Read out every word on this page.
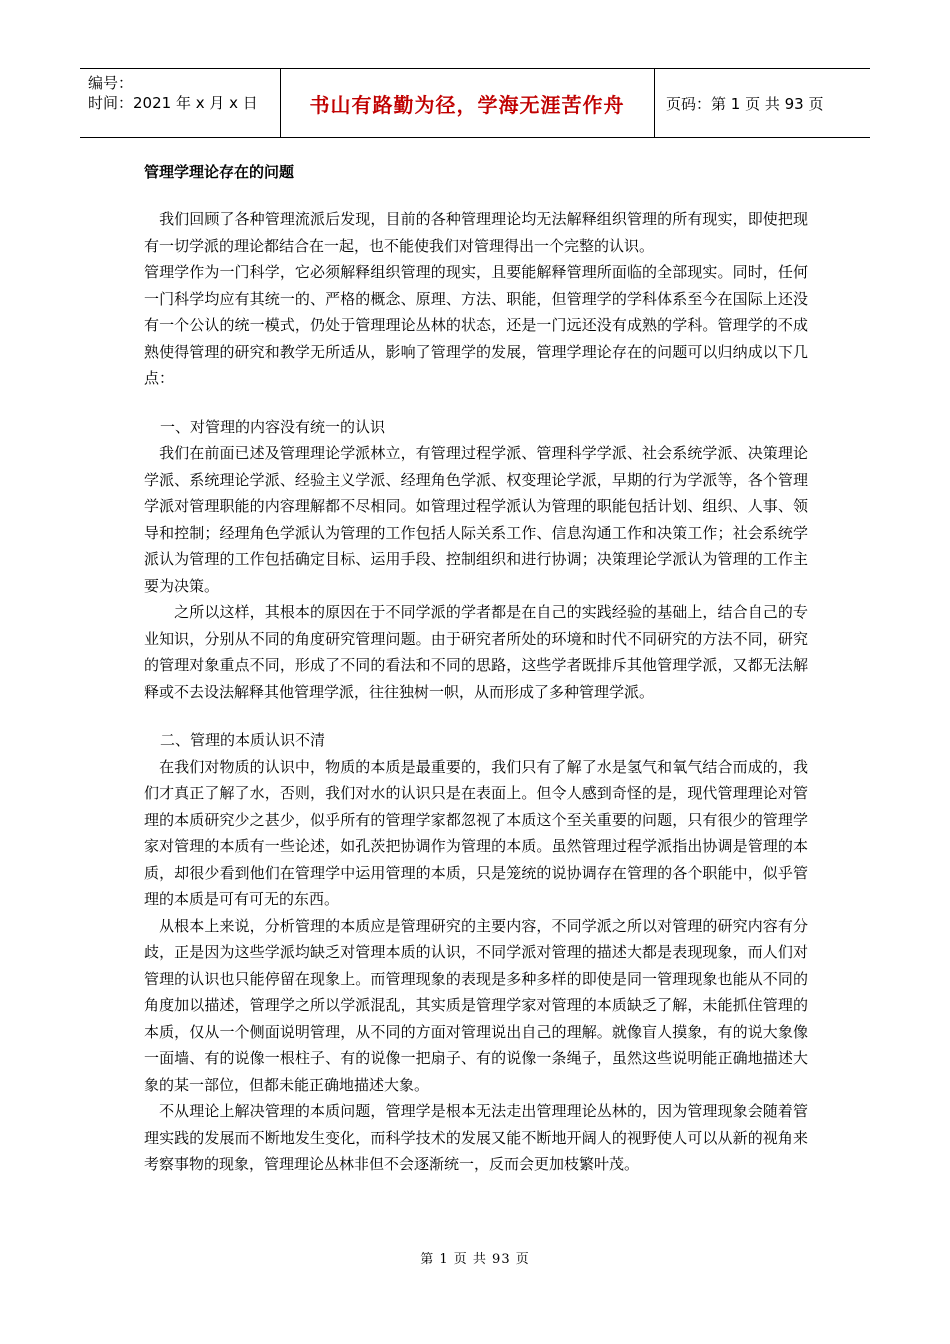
编号：
时间：2021 年 x 月 x 日	书山有路勤为径，学海无涯苦作舟	页码：第 1 页 共 93 页

管理学理论存在的问题

　我们回顾了各种管理流派后发现，目前的各种管理理论均无法解释组织管理的所有现实，即使把现有一切学派的理论都结合在一起，也不能使我们对管理得出一个完整的认识。

管理学作为一门科学，它必须解释组织管理的现实，且要能解释管理所面临的全部现实。同时，任何一门科学均应有其统一的、严格的概念、原理、方法、职能，但管理学的学科体系至今在国际上还没有一个公认的统一模式，仍处于管理理论丛林的状态，还是一门远还没有成熟的学科。管理学的不成熟使得管理的研究和教学无所适从，影响了管理学的发展，管理学理论存在的问题可以归纳成以下几点：

一、对管理的内容没有统一的认识

　我们在前面已述及管理理论学派林立，有管理过程学派、管理科学学派、社会系统学派、决策理论学派、系统理论学派、经验主义学派、经理角色学派、权变理论学派，早期的行为学派等，各个管理学派对管理职能的内容理解都不尽相同。如管理过程学派认为管理的职能包括计划、组织、人事、领导和控制；经理角色学派认为管理的工作包括人际关系工作、信息沟通工作和决策工作；社会系统学派认为管理的工作包括确定目标、运用手段、控制组织和进行协调；决策理论学派认为管理的工作主要为决策。

　　之所以这样，其根本的原因在于不同学派的学者都是在自己的实践经验的基础上，结合自己的专业知识，分别从不同的角度研究管理问题。由于研究者所处的环境和时代不同研究的方法不同，研究的管理对象重点不同，形成了不同的看法和不同的思路，这些学者既排斥其他管理学派，又都无法解释或不去设法解释其他管理学派，往往独树一帜，从而形成了多种管理学派。

二、管理的本质认识不清

　在我们对物质的认识中，物质的本质是最重要的，我们只有了解了水是氢气和氧气结合而成的，我们才真正了解了水，否则，我们对水的认识只是在表面上。但令人感到奇怪的是，现代管理理论对管理的本质研究少之甚少，似乎所有的管理学家都忽视了本质这个至关重要的问题，只有很少的管理学家对管理的本质有一些论述，如孔茨把协调作为管理的本质。虽然管理过程学派指出协调是管理的本质，却很少看到他们在管理学中运用管理的本质，只是笼统的说协调存在管理的各个职能中，似乎管理的本质是可有可无的东西。

　从根本上来说，分析管理的本质应是管理研究的主要内容，不同学派之所以对管理的研究内容有分歧，正是因为这些学派均缺乏对管理本质的认识，不同学派对管理的描述大都是表现现象，而人们对管理的认识也只能停留在现象上。而管理现象的表现是多种多样的即使是同一管理现象也能从不同的角度加以描述，管理学之所以学派混乱，其实质是管理学家对管理的本质缺乏了解，未能抓住管理的本质，仅从一个侧面说明管理，从不同的方面对管理说出自己的理解。就像盲人摸象，有的说大象像一面墙、有的说像一根柱子、有的说像一把扇子、有的说像一条绳子，虽然这些说明能正确地描述大象的某一部位，但都未能正确地描述大象。

　不从理论上解决管理的本质问题，管理学是根本无法走出管理理论丛林的，因为管理现象会随着管理实践的发展而不断地发生变化，而科学技术的发展又能不断地开阔人的视野使人可以从新的视角来考察事物的现象，管理理论丛林非但不会逐渐统一，反而会更加枝繁叶茂。

第 1 页 共 93 页
